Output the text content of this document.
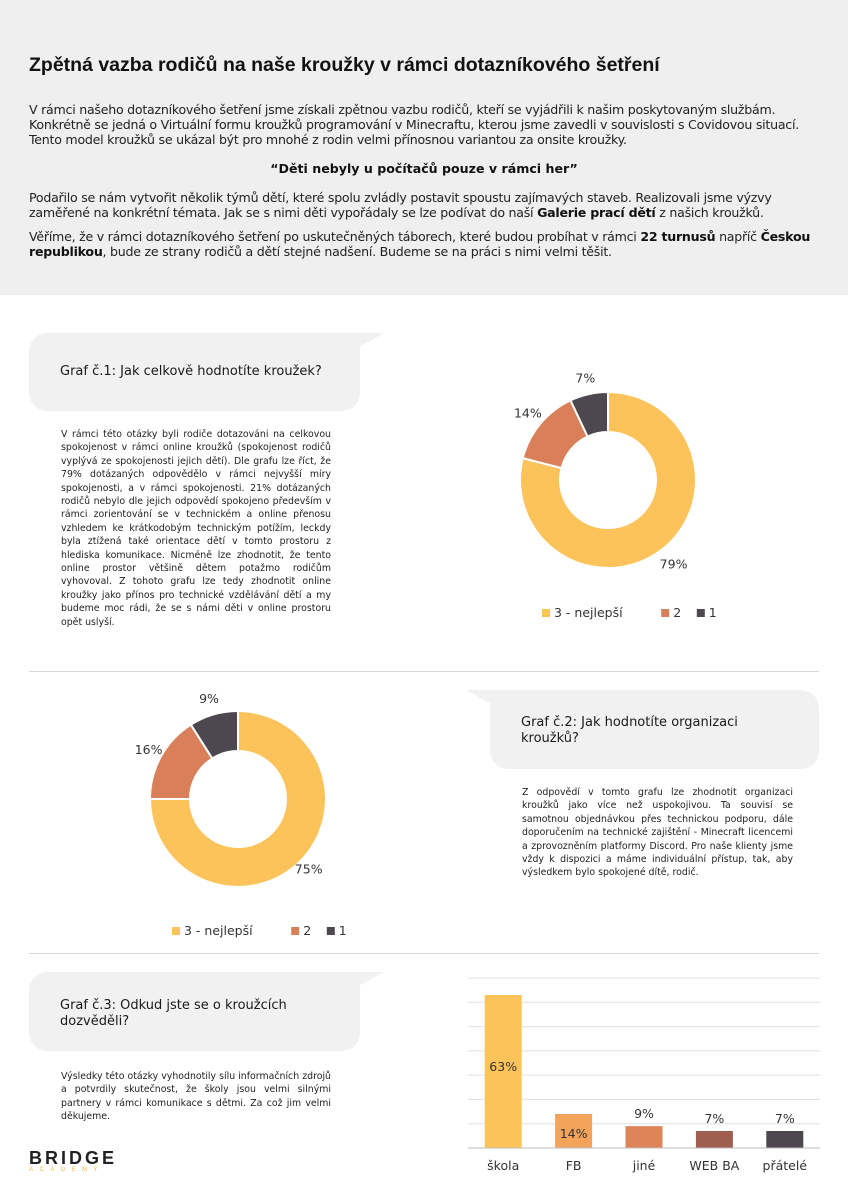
Zpětná vazba rodičů na naše kroužky v rámci dotazníkového šetření
V rámci našeho dotazníkového šetření jsme získali zpětnou vazbu rodičů, kteří se vyjádřili k našim poskytovaným službám. Konkrétně se jedná o Virtuální formu kroužků programování v Minecraftu, kterou jsme zavedli v souvislosti s Covidovou situací. Tento model kroužků se ukázal být pro mnohé z rodin velmi přínosnou variantou za onsite kroužky.
“Děti nebyly u počítačů pouze v rámci her”
Podařilo se nám vytvořit několik týmů dětí, které spolu zvládly postavit spoustu zajímavých staveb. Realizovali jsme výzvy zaměřené na konkrétní témata. Jak se s nimi děti vypořádaly se lze podívat do naší Galerie prací dětí z našich kroužků.
Věříme, že v rámci dotazníkového šetření po uskutečněných táborech, které budou probíhat v rámci 22 turnusů napříč Českou republikou, bude ze strany rodičů a dětí stejné nadšení. Budeme se na práci s nimi velmi těšit.
Graf č.1: Jak celkově hodnotíte kroužek?
V rámci této otázky byli rodiče dotazováni na celkovou spokojenost v rámci online kroužků (spokojenost rodičů vyplývá ze spokojenosti jejich dětí). Dle grafu lze říct, že 79% dotázaných odpovědělo v rámci nejvyšší míry spokojenosti, a v rámci spokojenosti. 21% dotázaných rodičů nebylo dle jejich odpovědí spokojeno především v rámci zorientování se v technickém a online přenosu vzhledem ke krátkodobým technickým potížím, leckdy byla ztížená také orientace dětí v tomto prostoru z hlediska komunikace. Nicméně lze zhodnotit, že tento online prostor většině dětem potažmo rodičům vyhovoval. Z tohoto grafu lze tedy zhodnotit online kroužky jako přínos pro technické vzdělávání dětí a my budeme moc rádi, že se s námi děti v online prostoru opět uslyší.
79%
14%
7%
3 - nejlepší	2 1
Graf č.2: Jak hodnotíte organizaci kroužků?
Z odpovědí v tomto grafu lze zhodnotit organizaci kroužků jako více než uspokojivou. Ta souvisí se samotnou objednávkou přes technickou podporu, dále doporučením na technické zajištění - Minecraft licencemi a zprovozněním platformy Discord. Pro naše klienty jsme vždy k dispozici a máme individuální přístup, tak, aby výsledkem bylo spokojené dítě, rodič.
75%
16%
9%
3 - nejlepší	2 1
Graf č.3: Odkud jste se o kroužcích dozvěděli?
Výsledky této otázky vyhodnotily sílu informačních zdrojů a potvrdily skutečnost, že školy jsou velmi silnými partnery v rámci komunikace s dětmi. Za což jim velmi děkujeme.
63%
škola
14%
FB
9%
jiné
7%
WEB BA
7%
přátelé
BRIDGE
ACADEMY
